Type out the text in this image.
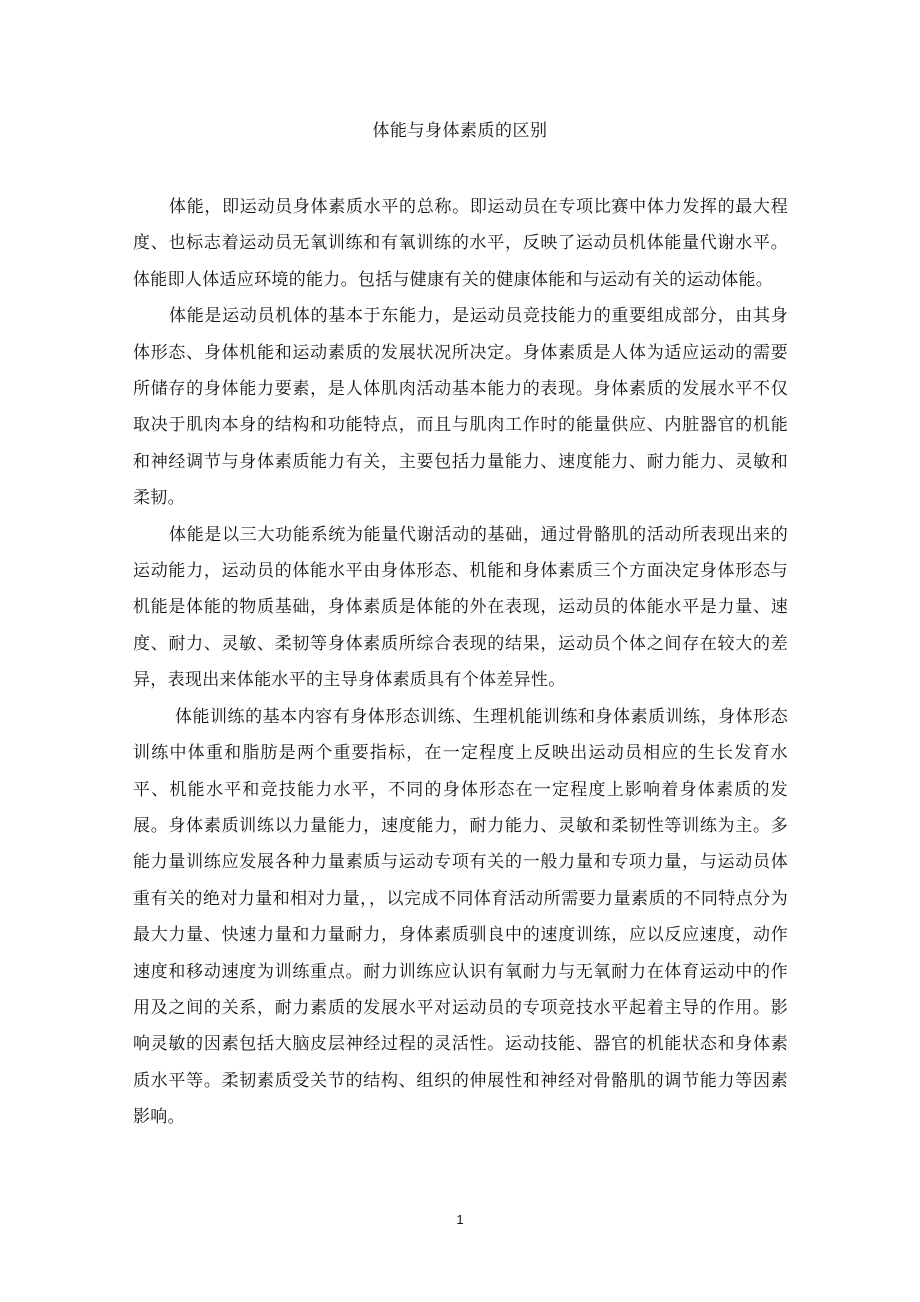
体能与身体素质的区别

体能，即运动员身体素质水平的总称。即运动员在专项比赛中体力发挥的最大程度、也标志着运动员无氧训练和有氧训练的水平，反映了运动员机体能量代谢水平。体能即人体适应环境的能力。包括与健康有关的健康体能和与运动有关的运动体能。

体能是运动员机体的基本于东能力，是运动员竞技能力的重要组成部分，由其身体形态、身体机能和运动素质的发展状况所决定。身体素质是人体为适应运动的需要所储存的身体能力要素，是人体肌肉活动基本能力的表现。身体素质的发展水平不仅取决于肌肉本身的结构和功能特点，而且与肌肉工作时的能量供应、内脏器官的机能和神经调节与身体素质能力有关，主要包括力量能力、速度能力、耐力能力、灵敏和柔韧。

体能是以三大功能系统为能量代谢活动的基础，通过骨骼肌的活动所表现出来的运动能力，运动员的体能水平由身体形态、机能和身体素质三个方面决定身体形态与机能是体能的物质基础，身体素质是体能的外在表现，运动员的体能水平是力量、速度、耐力、灵敏、柔韧等身体素质所综合表现的结果，运动员个体之间存在较大的差异，表现出来体能水平的主导身体素质具有个体差异性。

体能训练的基本内容有身体形态训练、生理机能训练和身体素质训练，身体形态训练中体重和脂肪是两个重要指标，在一定程度上反映出运动员相应的生长发育水平、机能水平和竞技能力水平，不同的身体形态在一定程度上影响着身体素质的发展。身体素质训练以力量能力，速度能力，耐力能力、灵敏和柔韧性等训练为主。多能力量训练应发展各种力量素质与运动专项有关的一般力量和专项力量，与运动员体重有关的绝对力量和相对力量，，以完成不同体育活动所需要力量素质的不同特点分为最大力量、快速力量和力量耐力，身体素质驯良中的速度训练，应以反应速度，动作速度和移动速度为训练重点。耐力训练应认识有氧耐力与无氧耐力在体育运动中的作用及之间的关系，耐力素质的发展水平对运动员的专项竞技水平起着主导的作用。影响灵敏的因素包括大脑皮层神经过程的灵活性。运动技能、器官的机能状态和身体素质水平等。柔韧素质受关节的结构、组织的伸展性和神经对骨骼肌的调节能力等因素影响。

1
